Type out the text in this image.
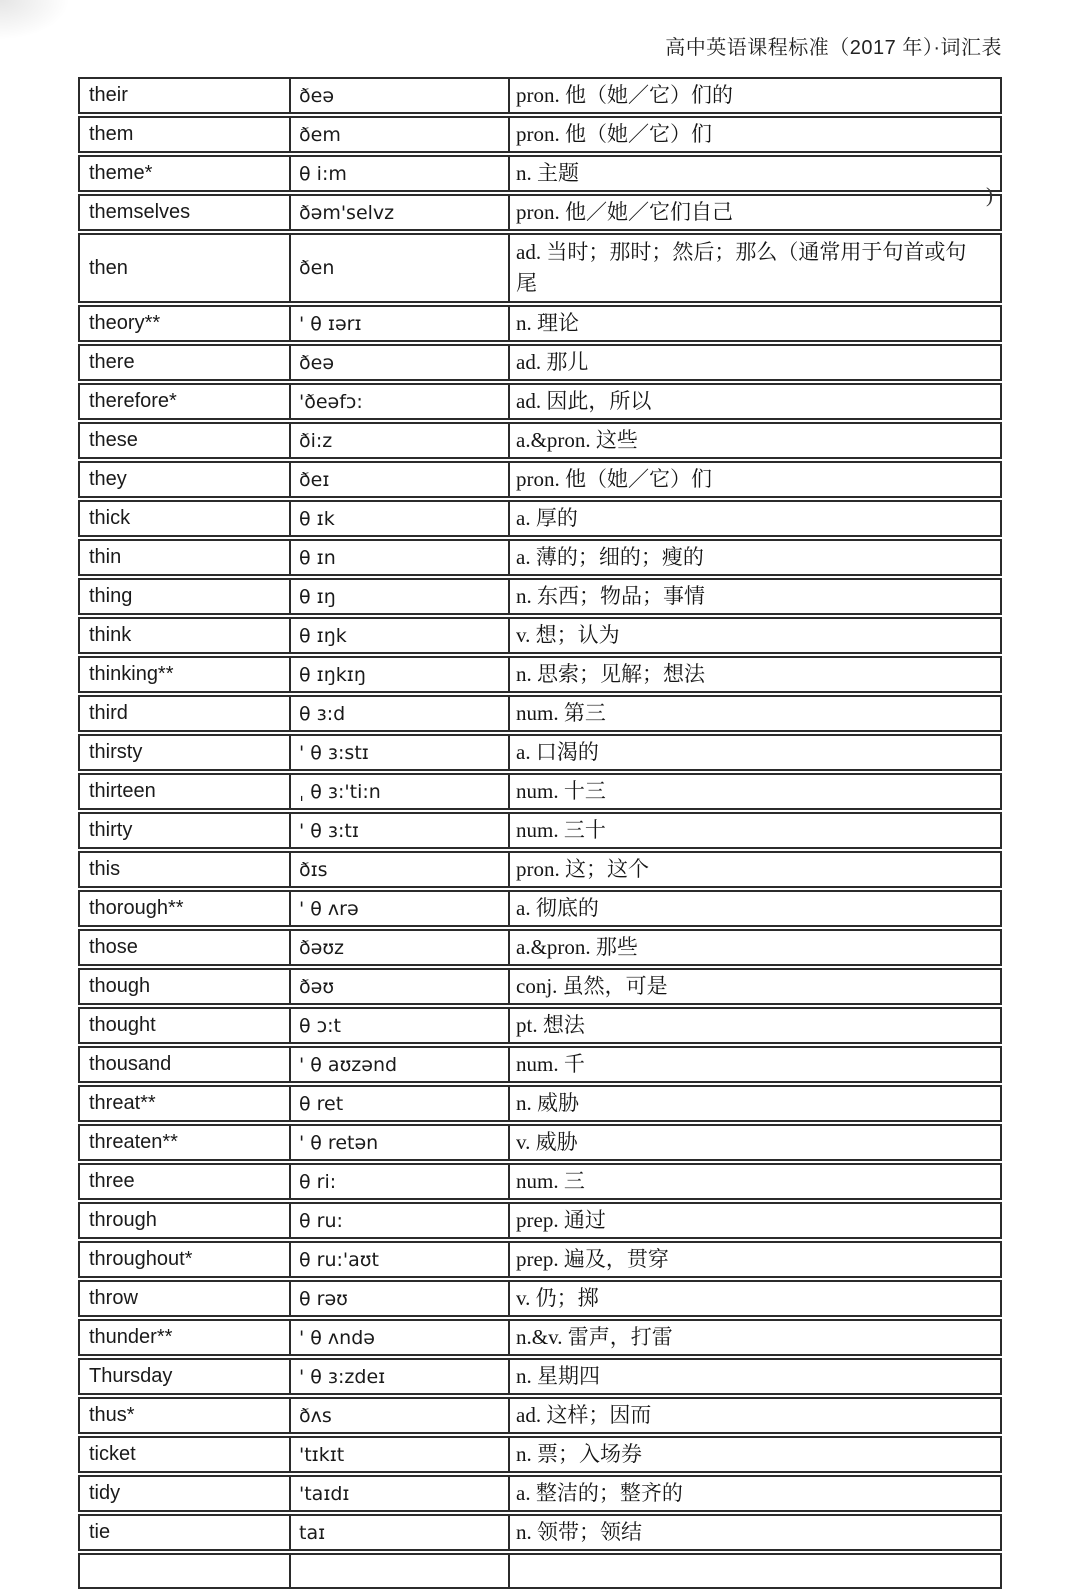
高中英语课程标准（2017 年）·词汇表
their	ðeə	pron. 他（她／它）们的
them	ðem	pron. 他（她／它）们
theme*	θ i:m	n. 主题
themselves	ðəm'selvz	pron. 他／她／它们自己
then	ðen	ad. 当时；那时；然后；那么（通常用于句首或句尾
theory**	' θ ɪərɪ	n. 理论
there	ðeə	ad. 那儿
therefore*	'ðeəfɔ:	ad. 因此，所以
these	ði:z	a.&pron. 这些
they	ðeɪ	pron. 他（她／它）们
thick	θ ɪk	a. 厚的
thin	θ ɪn	a. 薄的；细的；瘦的
thing	θ ɪŋ	n. 东西；物品；事情
think	θ ɪŋk	v. 想；认为
thinking**	θ ɪŋkɪŋ	n. 思索；见解；想法
third	θ ɜ:d	num. 第三
thirsty	' θ ɜ:stɪ	a. 口渴的
thirteen	ˌ θ ɜ:'ti:n	num. 十三
thirty	' θ ɜ:tɪ	num. 三十
this	ðɪs	pron. 这；这个
thorough**	' θ ʌrə	a. 彻底的
those	ðəʊz	a.&pron. 那些
though	ðəʊ	conj. 虽然，可是
thought	θ ɔ:t	pt. 想法
thousand	' θ aʊzənd	num. 千
threat**	θ ret	n. 威胁
threaten**	' θ retən	v. 威胁
three	θ ri:	num. 三
through	θ ru:	prep. 通过
throughout*	θ ru:'aʊt	prep. 遍及，贯穿
throw	θ rəʊ	v. 仍；掷
thunder**	' θ ʌndə	n.&v. 雷声，打雷
Thursday	' θ ɜ:zdeɪ	n. 星期四
thus*	ðʌs	ad. 这样；因而
ticket	'tɪkɪt	n. 票；入场券
tidy	'taɪdɪ	a. 整洁的；整齐的
tie	taɪ	n. 领带；领结

)
